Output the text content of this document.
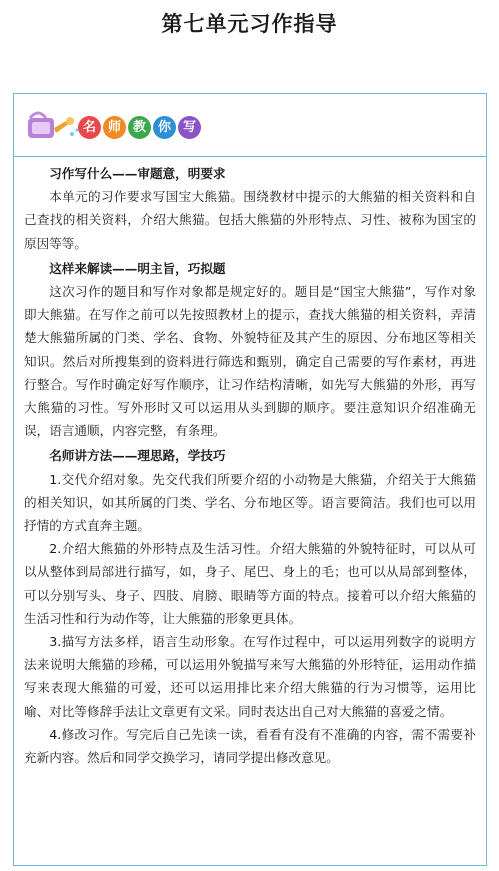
第七单元习作指导
名 师 教 你 写
习作写什么——审题意，明要求

本单元的习作要求写国宝大熊猫。围绕教材中提示的大熊猫的相关资料和自己查找的相关资料，介绍大熊猫。包括大熊猫的外形特点、习性、被称为国宝的原因等等。

这样来解读——明主旨，巧拟题

这次习作的题目和写作对象都是规定好的。题目是“国宝大熊猫”，写作对象即大熊猫。在写作之前可以先按照教材上的提示，查找大熊猫的相关资料，弄清楚大熊猫所属的门类、学名、食物、外貌特征及其产生的原因、分布地区等相关知识。然后对所搜集到的资料进行筛选和甄别，确定自己需要的写作素材，再进行整合。写作时确定好写作顺序，让习作结构清晰，如先写大熊猫的外形，再写大熊猫的习性。写外形时又可以运用从头到脚的顺序。要注意知识介绍准确无误，语言通顺，内容完整，有条理。

名师讲方法——理思路，学技巧

1.交代介绍对象。先交代我们所要介绍的小动物是大熊猫，介绍关于大熊猫的相关知识，如其所属的门类、学名、分布地区等。语言要简洁。我们也可以用抒情的方式直奔主题。

2.介绍大熊猫的外形特点及生活习性。介绍大熊猫的外貌特征时，可以从可以从整体到局部进行描写，如，身子、尾巴、身上的毛；也可以从局部到整体，可以分别写头、身子、四肢、肩膀、眼睛等方面的特点。接着可以介绍大熊猫的生活习性和行为动作等，让大熊猫的形象更具体。

3.描写方法多样，语言生动形象。在写作过程中，可以运用列数字的说明方法来说明大熊猫的珍稀，可以运用外貌描写来写大熊猫的外形特征，运用动作描写来表现大熊猫的可爱，还可以运用排比来介绍大熊猫的行为习惯等，运用比喻、对比等修辞手法让文章更有文采。同时表达出自己对大熊猫的喜爱之情。

4.修改习作。写完后自己先读一读，看看有没有不准确的内容，需不需要补充新内容。然后和同学交换学习，请同学提出修改意见。
